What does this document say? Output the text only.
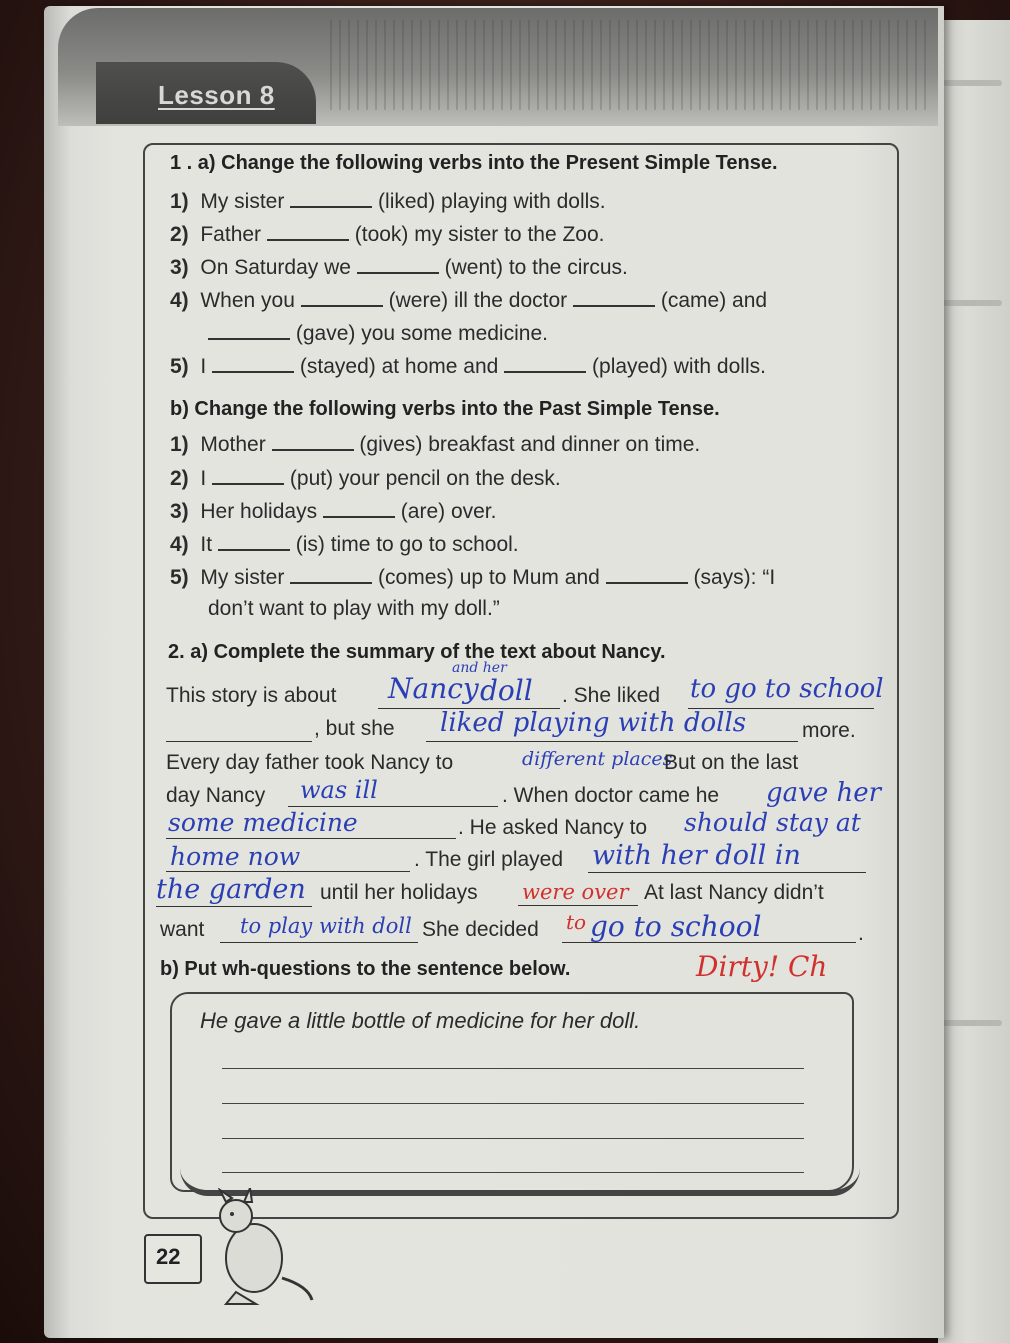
Lesson 8
1 . a) Change the following verbs into the Present Simple Tense.
1) My sister	(liked) playing with dolls.
2) Father	(took) my sister to the Zoo.
3) On Saturday we	(went) to the circus.
4) When you	(were) ill the doctor	(came) and
(gave) you some medicine.
5) I	(stayed) at home and	(played) with dolls.
b) Change the following verbs into the Past Simple Tense.
1) Mother	(gives) breakfast and dinner on time.
2) I	(put) your pencil on the desk.
3) Her holidays	(are) over.
4) It	(is) time to go to school.
5) My sister	(comes) up to Mum and	(says): “I
don’t want to play with my doll.”
2. a) Complete the summary of the text about Nancy.
This story is about Nancy
and her
doll . She liked to go to school
, but she liked playing with dolls	more.
Every day father took Nancy to	different places
But on the last
day Nancy was ill	. When doctor came he gave her
some medicine	. He asked Nancy to should stay at
home now	. The girl played with her doll in
the garden until her holidays were over At last Nancy didn’t
want to play with doll She decided to go to school	.
b) Put wh-questions to the sentence below.	Dirty! Ch
He gave a little bottle of medicine for her doll.
22
